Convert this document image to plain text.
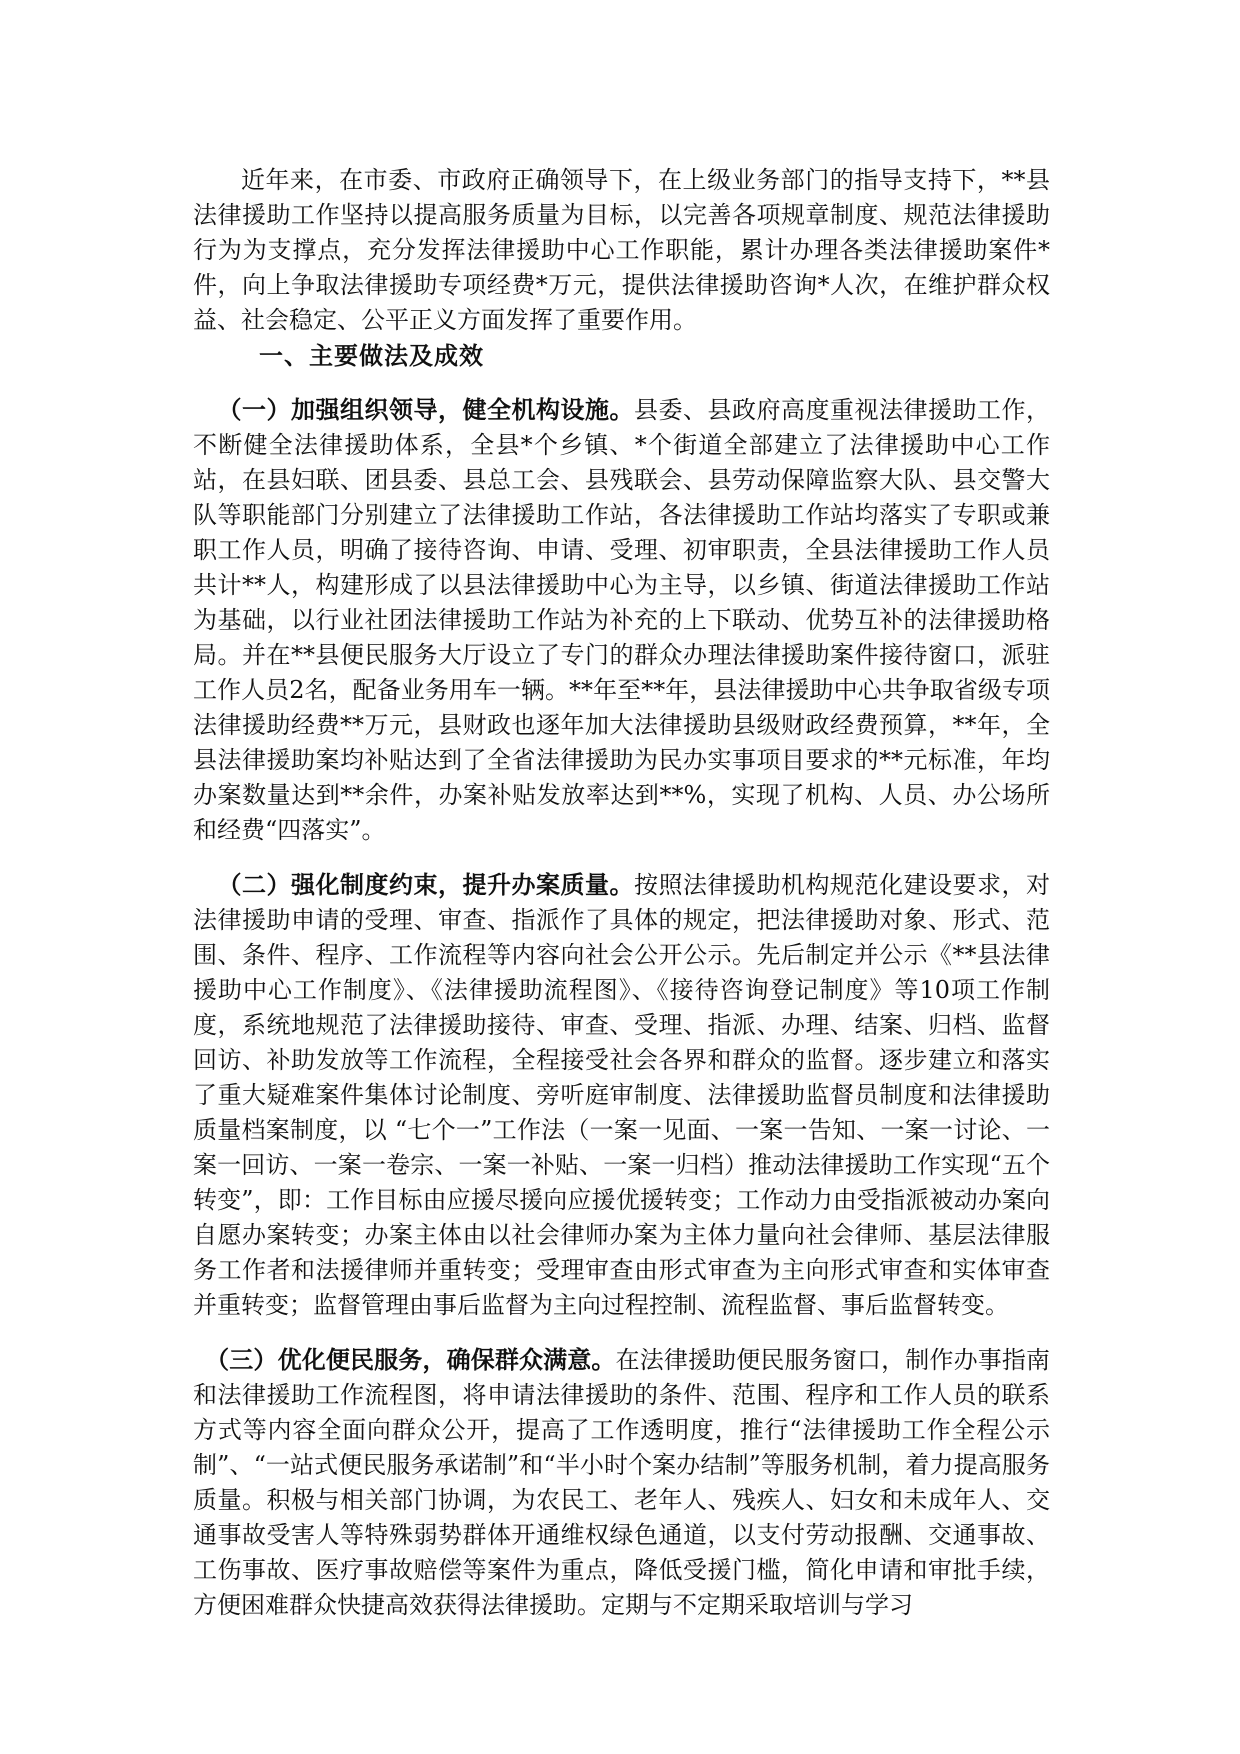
近年来，在市委、市政府正确领导下，在上级业务部门的指导支持下，**县法律援助工作坚持以提高服务质量为目标，以完善各项规章制度、规范法律援助行为为支撑点，充分发挥法律援助中心工作职能，累计办理各类法律援助案件*件，向上争取法律援助专项经费*万元，提供法律援助咨询*人次，在维护群众权益、社会稳定、公平正义方面发挥了重要作用。

一、主要做法及成效

（一）加强组织领导，健全机构设施。县委、县政府高度重视法律援助工作，不断健全法律援助体系，全县*个乡镇、*个街道全部建立了法律援助中心工作站，在县妇联、团县委、县总工会、县残联会、县劳动保障监察大队、县交警大队等职能部门分别建立了法律援助工作站，各法律援助工作站均落实了专职或兼职工作人员，明确了接待咨询、申请、受理、初审职责，全县法律援助工作人员共计**人，构建形成了以县法律援助中心为主导，以乡镇、街道法律援助工作站为基础，以行业社团法律援助工作站为补充的上下联动、优势互补的法律援助格局。并在**县便民服务大厅设立了专门的群众办理法律援助案件接待窗口，派驻工作人员2名，配备业务用车一辆。**年至**年，县法律援助中心共争取省级专项法律援助经费**万元，县财政也逐年加大法律援助县级财政经费预算，**年，全县法律援助案均补贴达到了全省法律援助为民办实事项目要求的**元标准，年均办案数量达到**余件，办案补贴发放率达到**%，实现了机构、人员、办公场所和经费“四落实”。

（二）强化制度约束，提升办案质量。按照法律援助机构规范化建设要求，对法律援助申请的受理、审查、指派作了具体的规定，把法律援助对象、形式、范围、条件、程序、工作流程等内容向社会公开公示。先后制定并公示《**县法律援助中心工作制度》、《法律援助流程图》、《接待咨询登记制度》等10项工作制度，系统地规范了法律援助接待、审查、受理、指派、办理、结案、归档、监督回访、补助发放等工作流程，全程接受社会各界和群众的监督。逐步建立和落实了重大疑难案件集体讨论制度、旁听庭审制度、法律援助监督员制度和法律援助质量档案制度，以 “七个一”工作法（一案一见面、一案一告知、一案一讨论、一案一回访、一案一卷宗、一案一补贴、一案一归档）推动法律援助工作实现“五个转变”，即：工作目标由应援尽援向应援优援转变；工作动力由受指派被动办案向自愿办案转变；办案主体由以社会律师办案为主体力量向社会律师、基层法律服务工作者和法援律师并重转变；受理审查由形式审查为主向形式审查和实体审查并重转变；监督管理由事后监督为主向过程控制、流程监督、事后监督转变。

（三）优化便民服务，确保群众满意。在法律援助便民服务窗口，制作办事指南和法律援助工作流程图，将申请法律援助的条件、范围、程序和工作人员的联系方式等内容全面向群众公开，提高了工作透明度，推行“法律援助工作全程公示制”、“一站式便民服务承诺制”和“半小时个案办结制”等服务机制，着力提高服务质量。积极与相关部门协调，为农民工、老年人、残疾人、妇女和未成年人、交通事故受害人等特殊弱势群体开通维权绿色通道，以支付劳动报酬、交通事故、工伤事故、医疗事故赔偿等案件为重点，降低受援门槛，简化申请和审批手续，方便困难群众快捷高效获得法律援助。定期与不定期采取培训与学习
